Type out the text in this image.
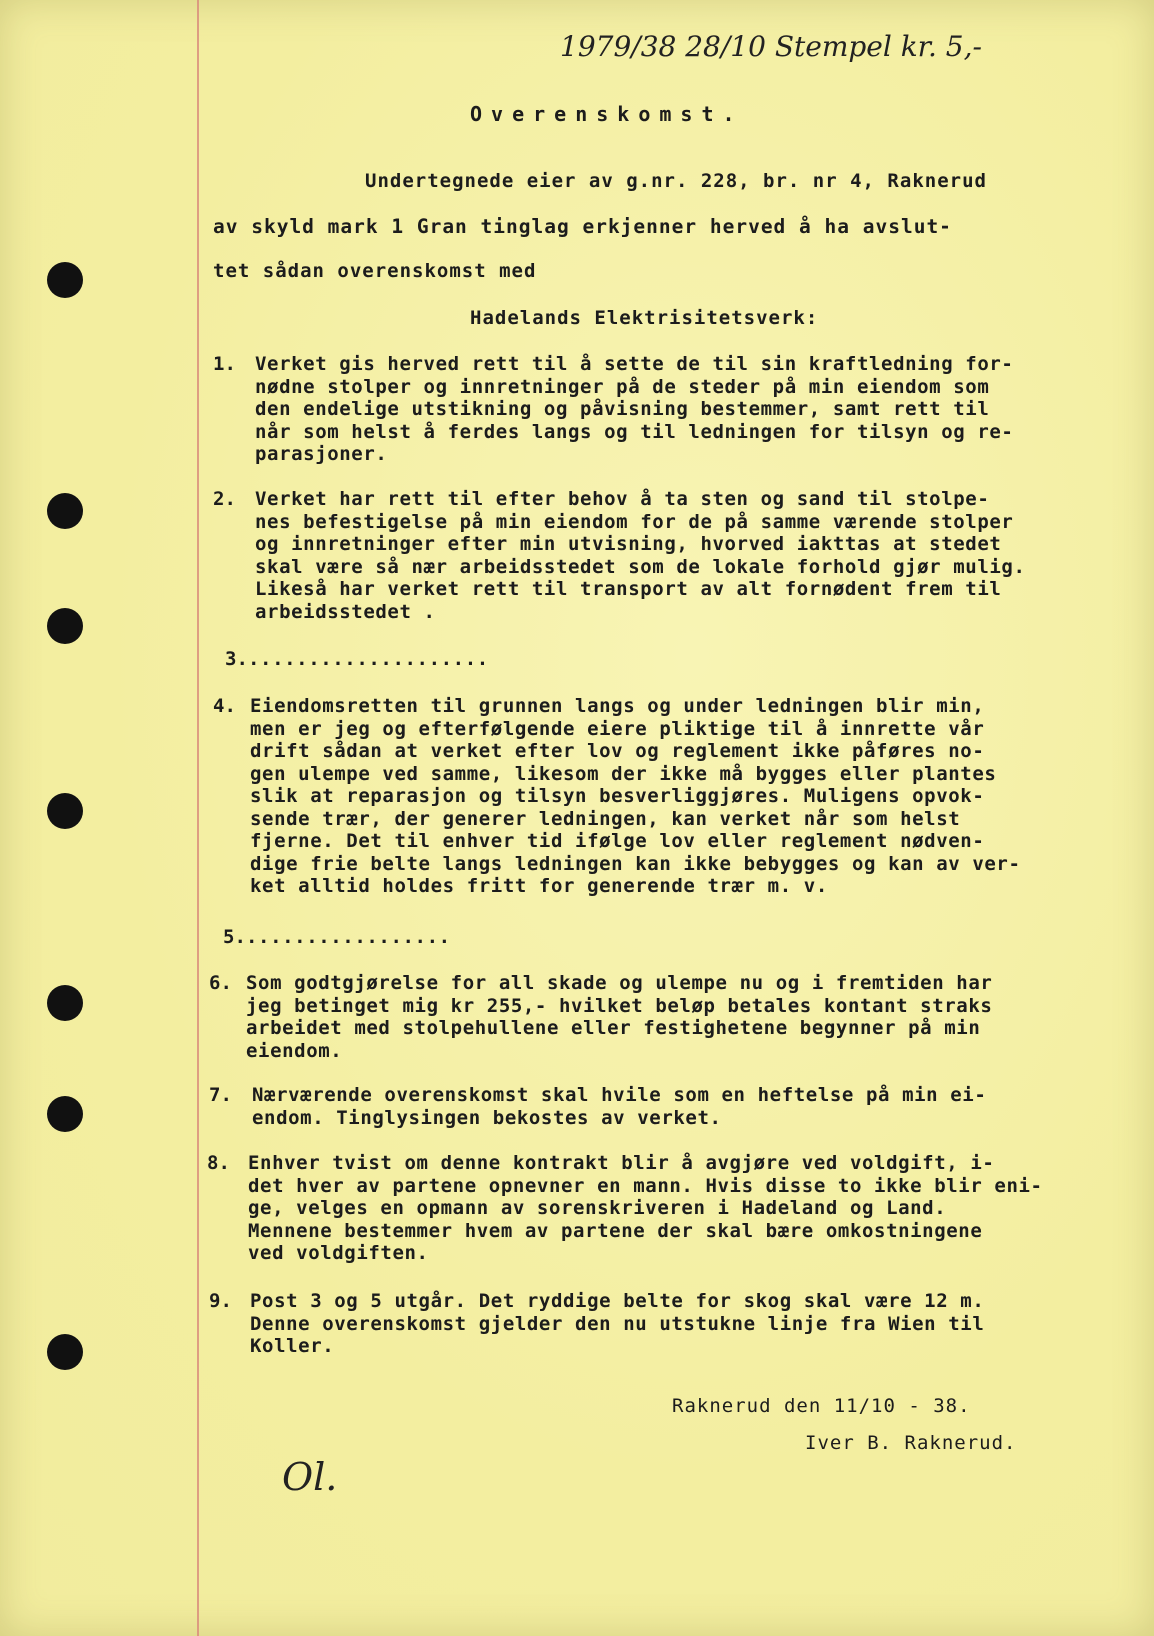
1979/38 28/10 Stempel kr. 5,-
Overenskomst.
Undertegnede eier av g.nr. 228, br. nr 4, Raknerud
av skyld mark 1 Gran tinglag erkjenner herved å ha avslut-
tet sådan overenskomst med
Hadelands Elektrisitetsverk:
1. Verket gis herved rett til å sette de til sin kraftledning for-
nødne stolper og innretninger på de steder på min eiendom som
den endelige utstikning og påvisning bestemmer, samt rett til
når som helst å ferdes langs og til ledningen for tilsyn og re-
parasjoner.
2. Verket har rett til efter behov å ta sten og sand til stolpe-
nes befestigelse på min eiendom for de på samme værende stolper
og innretninger efter min utvisning, hvorved iakttas at stedet
skal være så nær arbeidsstedet som de lokale forhold gjør mulig.
Likeså har verket rett til transport av alt fornødent frem til
arbeidsstedet .
3. ....................
4. Eiendomsretten til grunnen langs og under ledningen blir min,
men er jeg og efterfølgende eiere pliktige til å innrette vår
drift sådan at verket efter lov og reglement ikke påføres no-
gen ulempe ved samme, likesom der ikke må bygges eller plantes
slik at reparasjon og tilsyn besverliggjøres. Muligens opvok-
sende trær, der generer ledningen, kan verket når som helst
fjerne. Det til enhver tid ifølge lov eller reglement nødven-
dige frie belte langs ledningen kan ikke bebygges og kan av ver-
ket alltid holdes fritt for generende trær m. v.
5. .................
6. Som godtgjørelse for all skade og ulempe nu og i fremtiden har
jeg betinget mig kr 255,- hvilket beløp betales kontant straks
arbeidet med stolpehullene eller festighetene begynner på min
eiendom.
7. Nærværende overenskomst skal hvile som en heftelse på min ei-
endom. Tinglysingen bekostes av verket.
8. Enhver tvist om denne kontrakt blir å avgjøre ved voldgift, i-
det hver av partene opnevner en mann. Hvis disse to ikke blir eni-
ge, velges en opmann av sorenskriveren i Hadeland og Land.
Mennene bestemmer hvem av partene der skal bære omkostningene
ved voldgiften.
9. Post 3 og 5 utgår. Det ryddige belte for skog skal være 12 m.
Denne overenskomst gjelder den nu utstukne linje fra Wien til
Koller.
Raknerud den 11/10 - 38.
Iver B. Raknerud.
Ol.
